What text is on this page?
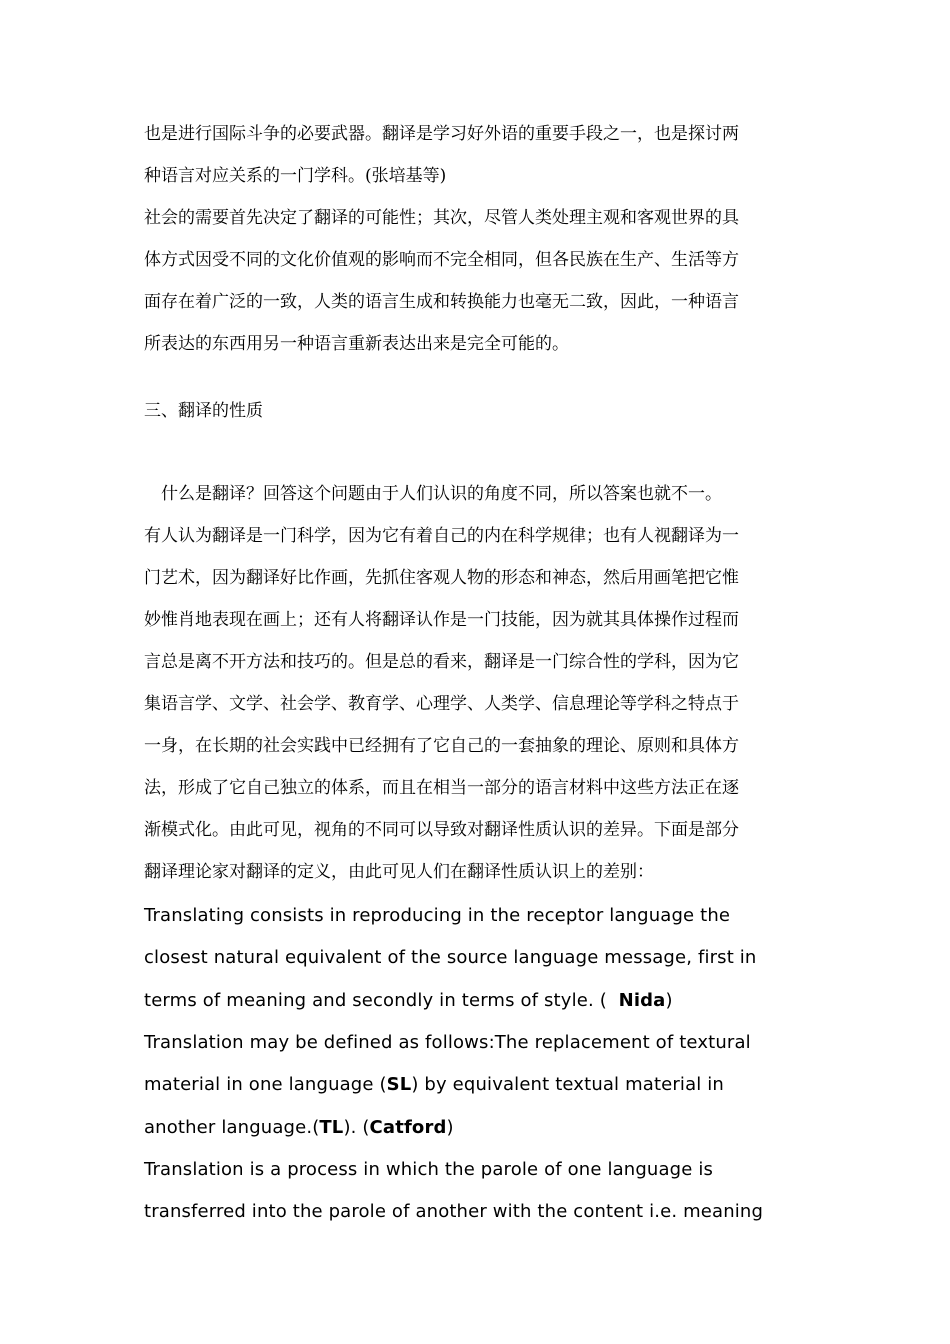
也是进行国际斗争的必要武器。翻译是学习好外语的重要手段之一，也是探讨两
种语言对应关系的一门学科。(张培基等)
社会的需要首先决定了翻译的可能性；其次，尽管人类处理主观和客观世界的具
体方式因受不同的文化价值观的影响而不完全相同，但各民族在生产、生活等方
面存在着广泛的一致，人类的语言生成和转换能力也毫无二致，因此，一种语言
所表达的东西用另一种语言重新表达出来是完全可能的。
三、翻译的性质
　什么是翻译？回答这个问题由于人们认识的角度不同，所以答案也就不一。
有人认为翻译是一门科学，因为它有着自己的内在科学规律；也有人视翻译为一
门艺术，因为翻译好比作画，先抓住客观人物的形态和神态，然后用画笔把它惟
妙惟肖地表现在画上；还有人将翻译认作是一门技能，因为就其具体操作过程而
言总是离不开方法和技巧的。但是总的看来，翻译是一门综合性的学科，因为它
集语言学、文学、社会学、教育学、心理学、人类学、信息理论等学科之特点于
一身，在长期的社会实践中已经拥有了它自己的一套抽象的理论、原则和具体方
法，形成了它自己独立的体系，而且在相当一部分的语言材料中这些方法正在逐
渐模式化。由此可见，视角的不同可以导致对翻译性质认识的差异。下面是部分
翻译理论家对翻译的定义，由此可见人们在翻译性质认识上的差别：
Translating consists in reproducing in the receptor language the
closest natural equivalent of the source language message, first in
terms of meaning and secondly in terms of style. (  Nida)
Translation may be defined as follows:The replacement of textural
material in one language (SL) by equivalent textual material in
another language.(TL). (Catford)
Translation is a process in which the parole of one language is
transferred into the parole of another with the content i.e. meaning
